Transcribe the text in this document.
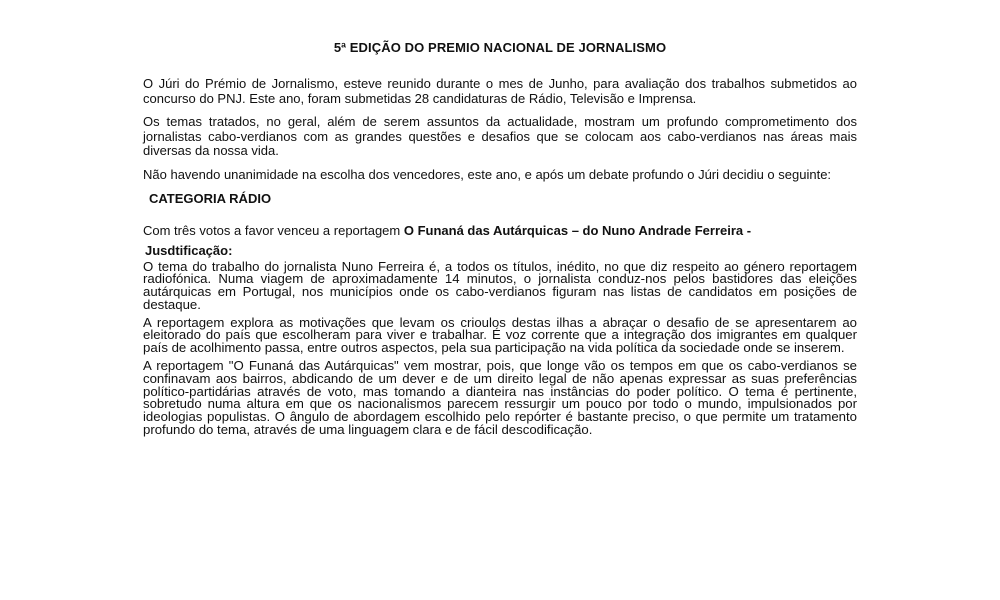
5ª EDIÇÃO DO PREMIO NACIONAL DE JORNALISMO

O Júri do Prémio de Jornalismo, esteve reunido durante o mes de Junho, para avaliação dos trabalhos submetidos ao concurso do PNJ. Este ano, foram submetidas 28 candidaturas de Rádio, Televisão e Imprensa.

Os temas tratados, no geral, além de serem assuntos da actualidade, mostram um profundo comprometimento dos jornalistas cabo-verdianos com as grandes questões e desafios que se colocam aos cabo-verdianos nas áreas mais diversas da nossa vida.

Não havendo unanimidade na escolha dos vencedores, este ano, e após um debate profundo o Júri decidiu o seguinte:

CATEGORIA RÁDIO

Com três votos a favor venceu a reportagem O Funaná das Autárquicas – do Nuno Andrade Ferreira -

Jusdtificação:

O tema do trabalho do jornalista Nuno Ferreira é, a todos os títulos, inédito, no que diz respeito ao género reportagem radiofónica. Numa viagem de aproximadamente 14 minutos, o jornalista conduz-nos pelos bastidores das eleições autárquicas em Portugal, nos municípios onde os cabo-verdianos figuram nas listas de candidatos em posições de destaque.

A reportagem explora as motivações que levam os crioulos destas ilhas a abraçar o desafio de se apresentarem ao eleitorado do país que escolheram para viver e trabalhar. É voz corrente que a integração dos imigrantes em qualquer país de acolhimento passa, entre outros aspectos, pela sua participação na vida política da sociedade onde se inserem.

A reportagem "O Funaná das Autárquicas" vem mostrar, pois, que longe vão os tempos em que os cabo-verdianos se confinavam aos bairros, abdicando de um dever e de um direito legal de não apenas expressar as suas preferências político-partidárias através de voto, mas tomando a dianteira nas instâncias do poder político. O tema é pertinente, sobretudo numa altura em que os nacionalismos parecem ressurgir um pouco por todo o mundo, impulsionados por ideologias populistas. O ângulo de abordagem escolhido pelo repórter é bastante preciso, o que permite um tratamento profundo do tema, através de uma linguagem clara e de fácil descodificação.
